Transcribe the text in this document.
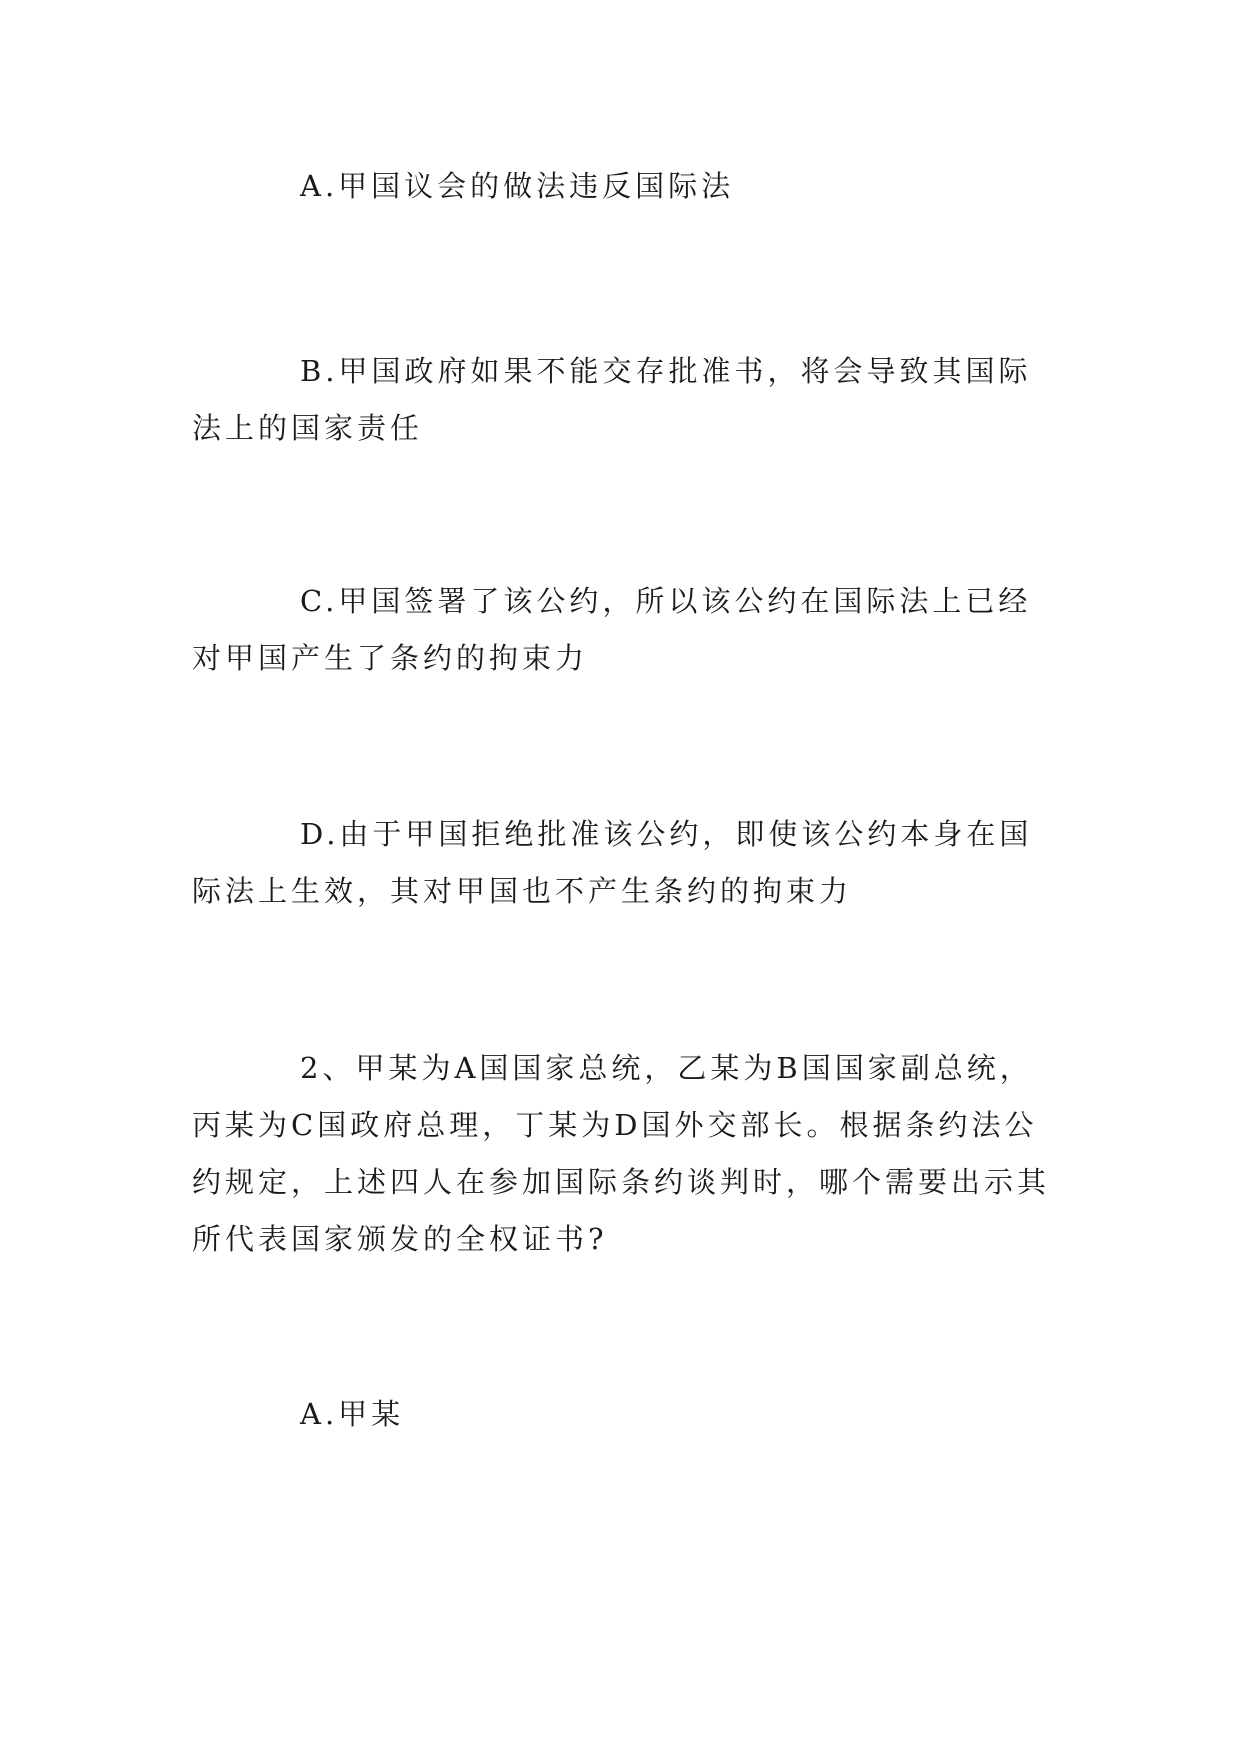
A.甲国议会的做法违反国际法

B.甲国政府如果不能交存批准书，将会导致其国际法上的国家责任

C.甲国签署了该公约，所以该公约在国际法上已经对甲国产生了条约的拘束力

D.由于甲国拒绝批准该公约，即使该公约本身在国际法上生效，其对甲国也不产生条约的拘束力

2、甲某为A国国家总统，乙某为B国国家副总统，丙某为C国政府总理，丁某为D国外交部长。根据条约法公约规定，上述四人在参加国际条约谈判时，哪个需要出示其所代表国家颁发的全权证书?

A.甲某
